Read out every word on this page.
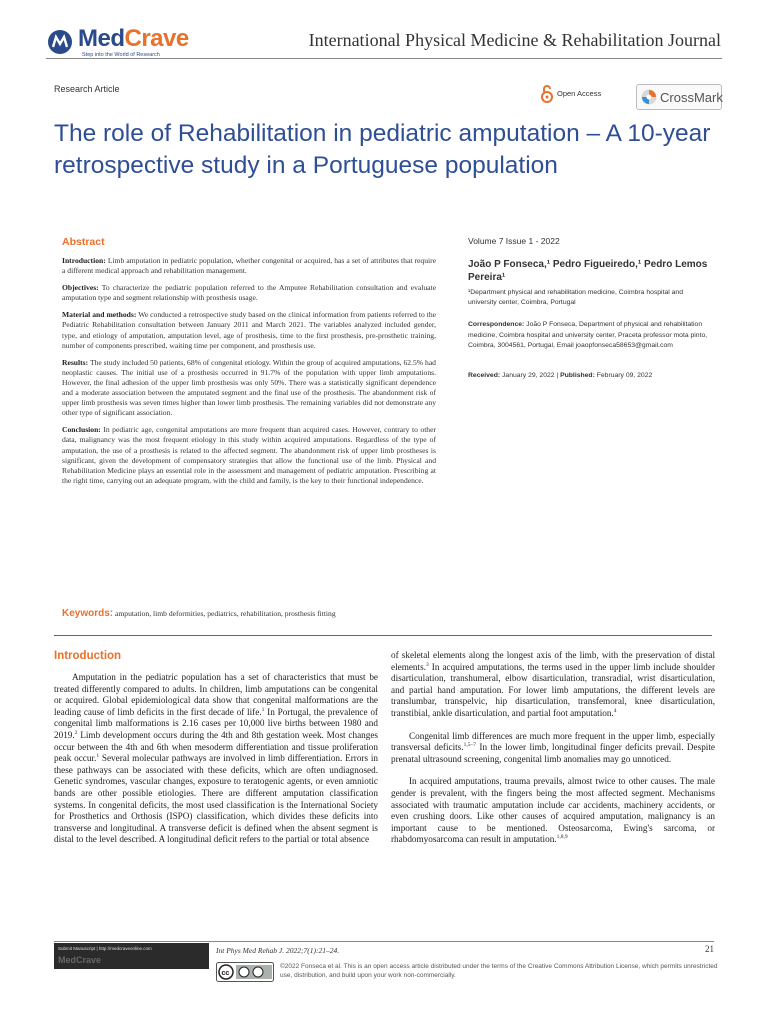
MedCrave
Step into the World of Research
International Physical Medicine & Rehabilitation Journal
Research Article	Open Access	CrossMark
The role of Rehabilitation in pediatric amputation – A 10-year retrospective study in a Portuguese population
Abstract

Introduction: Limb amputation in pediatric population, whether congenital or acquired, has a set of attributes that require a different medical approach and rehabilitation management.

Objectives: To characterize the pediatric population referred to the Amputee Rehabilitation consultation and evaluate amputation type and segment relationship with prosthesis usage.

Material and methods: We conducted a retrospective study based on the clinical information from patients referred to the Pediatric Rehabilitation consultation between January 2011 and March 2021. The variables analyzed included gender, type, and etiology of amputation, amputation level, age of prosthesis, time to the first prosthesis, pre-prosthetic training, number of components prescribed, waiting time per component, and prosthesis use.

Results: The study included 50 patients, 68% of congenital etiology. Within the group of acquired amputations, 62.5% had neoplastic causes. The initial use of a prosthesis occurred in 91.7% of the population with upper limb amputations. However, the final adhesion of the upper limb prosthesis was only 50%. There was a statistically significant dependence and a moderate association between the amputated segment and the final use of the prosthesis. The abandonment risk of upper limb prosthesis was seven times higher than lower limb prosthesis. The remaining variables did not demonstrate any other type of significant association.

Conclusion: In pediatric age, congenital amputations are more frequent than acquired cases. However, contrary to other data, malignancy was the most frequent etiology in this study within acquired amputations. Regardless of the type of amputation, the use of a prosthesis is related to the affected segment. The abandonment risk of upper limb prostheses is significant, given the development of compensatory strategies that allow the functional use of the limb. Physical and Rehabilitation Medicine plays an essential role in the assessment and management of pediatric amputation. Prescribing at the right time, carrying out an adequate program, with the child and family, is the key to their functional independence.

Keywords: amputation, limb deformities, pediatrics, rehabilitation, prosthesis fitting
Volume 7 Issue 1 - 2022
João P Fonseca,¹ Pedro Figueiredo,¹ Pedro Lemos Pereira¹
¹Department physical and rehabilitation medicine, Coimbra hospital and university center, Coimbra, Portugal
Correspondence: João P Fonseca, Department of physical and rehabilitation medicine, Coimbra hospital and university center, Praceta professor mota pinto, Coimbra, 3004561, Portugal, Email joaopfonseca58653@gmail.com
Received: January 29, 2022 | Published: February 09, 2022
Introduction

Amputation in the pediatric population has a set of characteristics that must be treated differently compared to adults. In children, limb amputations can be congenital or acquired. Global epidemiological data show that congenital malformations are the leading cause of limb deficits in the first decade of life.$^1$ In Portugal, the prevalence of congenital limb malformations is 2.16 cases per 10,000 live births between 1980 and 2019.$^2$ Limb development occurs during the 4th and 8th gestation week. Most changes occur between the 4th and 6th when mesoderm differentiation and tissue proliferation peak occur.$^1$ Several molecular pathways are involved in limb differentiation. Errors in these pathways can be associated with these deficits, which are often undiagnosed. Genetic syndromes, vascular changes, exposure to teratogenic agents, or even amniotic bands are other possible etiologies. There are different amputation classification systems. In congenital deficits, the most used classification is the International Society for Prosthetics and Orthosis (ISPO) classification, which divides these deficits into transverse and longitudinal. A transverse deficit is defined when the absent segment is distal to the level described. A longitudinal deficit refers to the partial or total absence

of skeletal elements along the longest axis of the limb, with the preservation of distal elements.$^3$ In acquired amputations, the terms used in the upper limb include shoulder disarticulation, transhumeral, elbow disarticulation, transradial, wrist disarticulation, and partial hand amputation. For lower limb amputations, the different levels are translumbar, transpelvic, hip disarticulation, transfemoral, knee disarticulation, transtibial, ankle disarticulation, and partial foot amputation.$^4$

Congenital limb differences are much more frequent in the upper limb, especially transversal deficits.$^{1,5-7}$ In the lower limb, longitudinal finger deficits prevail. Despite prenatal ultrasound screening, congenital limb anomalies may go unnoticed.

In acquired amputations, trauma prevails, almost twice to other causes. The male gender is prevalent, with the fingers being the most affected segment. Mechanisms associated with traumatic amputation include car accidents, machinery accidents, or even crushing doors. Like other causes of acquired amputation, malignancy is an important cause to be mentioned. Osteosarcoma, Ewing's sarcoma, or rhabdomyosarcoma can result in amputation.$^{1,8,9}$

Submit Manuscript | http://medcraveonline.com
MedCrave
Int Phys Med Rehab J. 2022;7(1):21‒24.	21
cc
©2022 Fonseca et al. This is an open access article distributed under the terms of the Creative Commons Attribution License, which permits unrestricted use, distribution, and build upon your work non-commercially.
